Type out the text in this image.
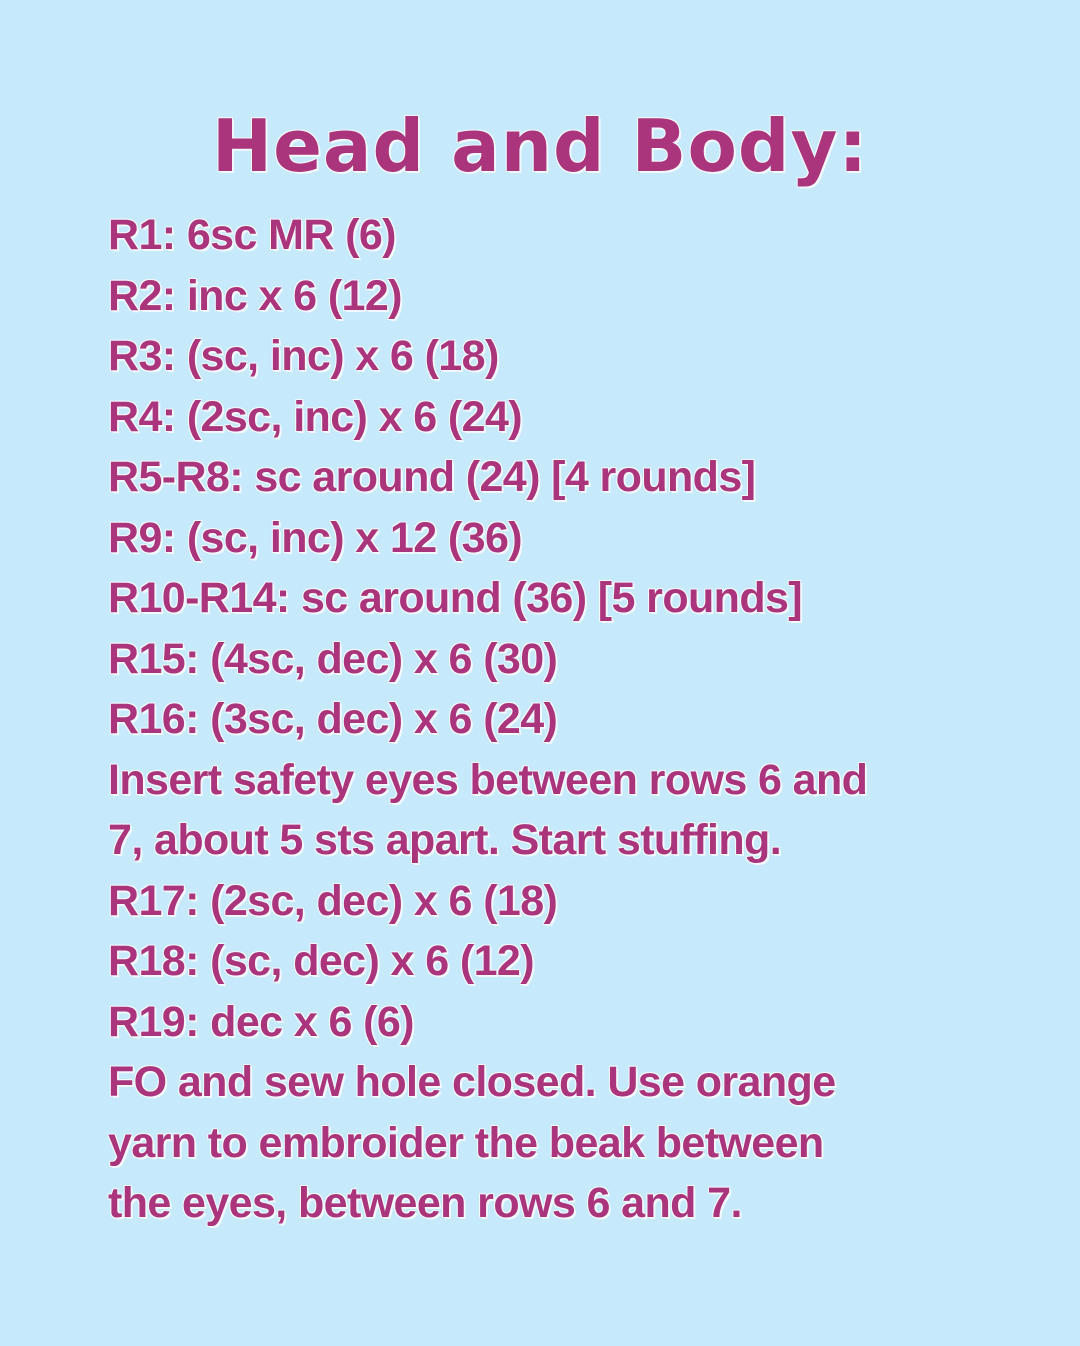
Head and Body:
R1: 6sc MR (6)
R2: inc x 6 (12)
R3: (sc, inc) x 6 (18)
R4: (2sc, inc) x 6 (24)
R5-R8: sc around (24) [4 rounds]
R9: (sc, inc) x 12 (36)
R10-R14: sc around (36) [5 rounds]
R15: (4sc, dec) x 6 (30)
R16: (3sc, dec) x 6 (24)
Insert safety eyes between rows 6 and
7, about 5 sts apart. Start stuffing.
R17: (2sc, dec) x 6 (18)
R18: (sc, dec) x 6 (12)
R19: dec x 6 (6)
FO and sew hole closed. Use orange
yarn to embroider the beak between
the eyes, between rows 6 and 7.
